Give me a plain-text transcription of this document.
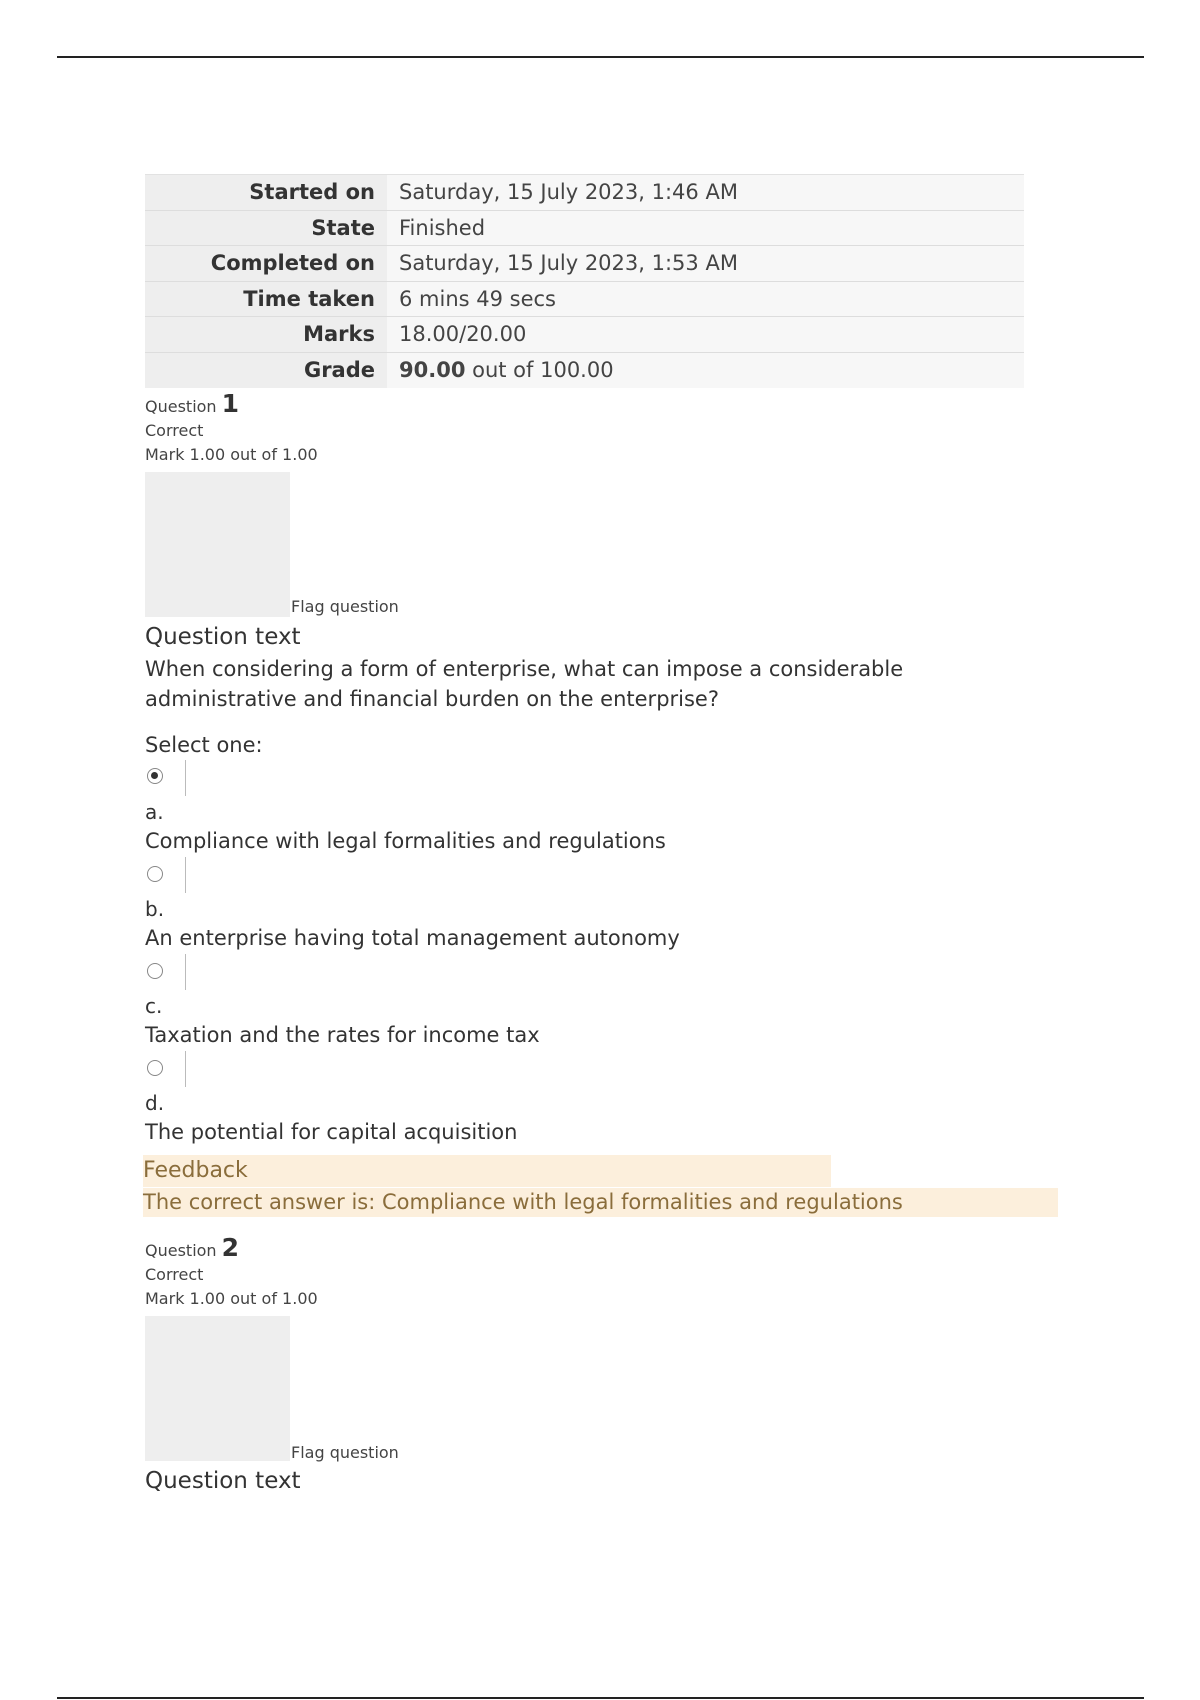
Started on	Saturday, 15 July 2023, 1:46 AM
State	Finished
Completed on	Saturday, 15 July 2023, 1:53 AM
Time taken	6 mins 49 secs
Marks	18.00/20.00
Grade	90.00 out of 100.00
Question 1
Correct
Mark 1.00 out of 1.00
Flag question
Question text
When considering a form of enterprise, what can impose a considerable administrative and financial burden on the enterprise?
Select one:
a.
Compliance with legal formalities and regulations
b.
An enterprise having total management autonomy
c.
Taxation and the rates for income tax
d.
The potential for capital acquisition
Feedback
The correct answer is: Compliance with legal formalities and regulations
Question 2
Correct
Mark 1.00 out of 1.00
Flag question
Question text
